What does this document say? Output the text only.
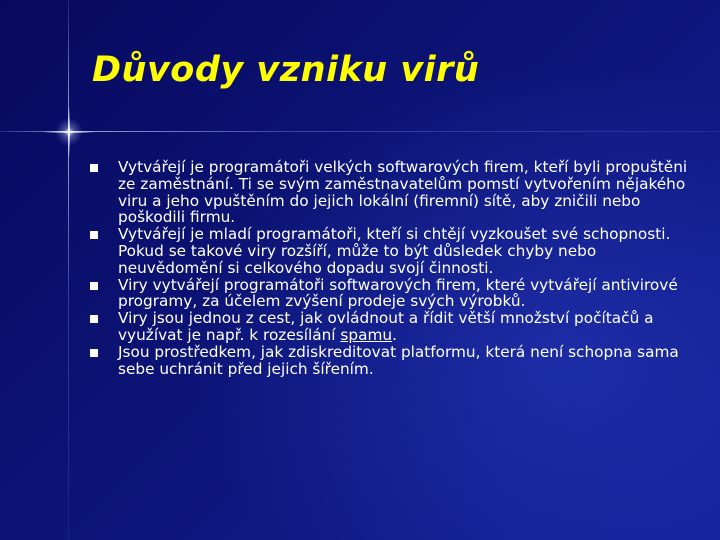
Důvody vzniku virů
Vytvářejí je programátoři velkých softwarových firem, kteří byli propuštěni ze zaměstnání. Ti se svým zaměstnavatelům pomstí vytvořením nějakého viru a jeho vpuštěním do jejich lokální (firemní) sítě, aby zničili nebo poškodili firmu.
Vytvářejí je mladí programátoři, kteří si chtějí vyzkoušet své schopnosti. Pokud se takové viry rozšíří, může to být důsledek chyby nebo neuvědomění si celkového dopadu svojí činnosti.
Viry vytvářejí programátoři softwarových firem, které vytvářejí antivirové programy, za účelem zvýšení prodeje svých výrobků.
Viry jsou jednou z cest, jak ovládnout a řídit větší množství počítačů a využívat je např. k rozesílání spamu.
Jsou prostředkem, jak zdiskreditovat platformu, která není schopna sama sebe uchránit před jejich šířením.
